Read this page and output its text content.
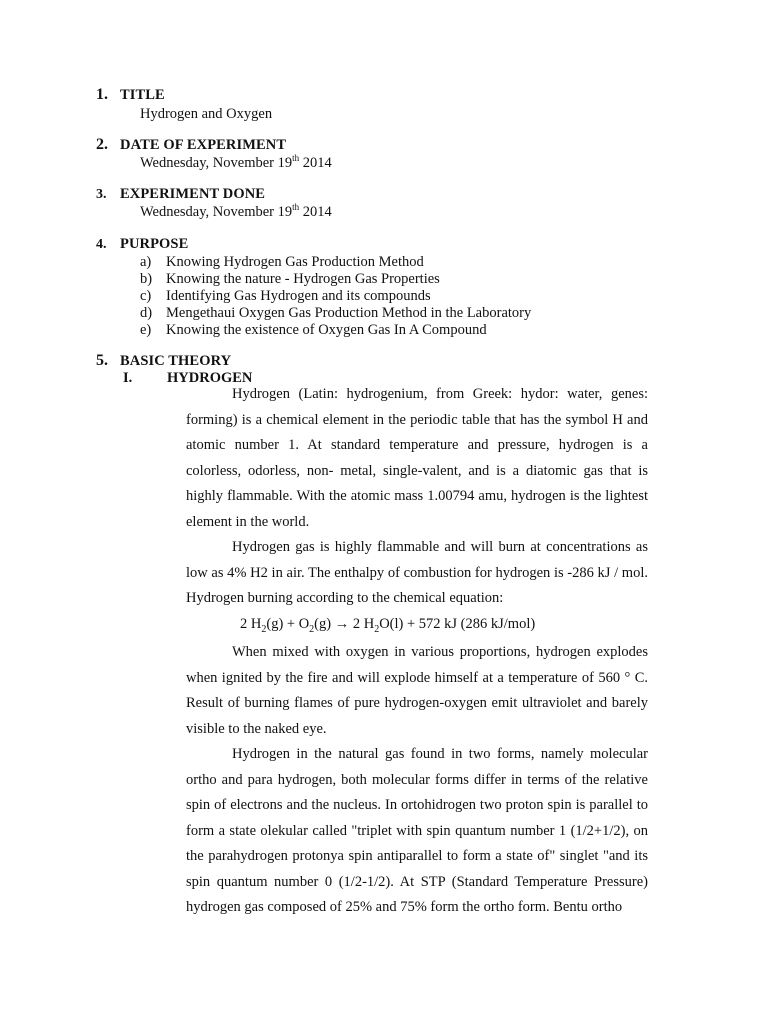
1. TITLE
Hydrogen and Oxygen
2. DATE OF EXPERIMENT
Wednesday, November 19th 2014
3. EXPERIMENT DONE
Wednesday, November 19th 2014
4. PURPOSE
a) Knowing Hydrogen Gas Production Method
b) Knowing the nature - Hydrogen Gas Properties
c) Identifying Gas Hydrogen and its compounds
d) Mengethaui Oxygen Gas Production Method in the Laboratory
e) Knowing the existence of Oxygen Gas In A Compound
5. BASIC THEORY
I. HYDROGEN

Hydrogen (Latin: hydrogenium, from Greek: hydor: water, genes: forming) is a chemical element in the periodic table that has the symbol H and atomic number 1. At standard temperature and pressure, hydrogen is a colorless, odorless, non- metal, single-valent, and is a diatomic gas that is highly flammable. With the atomic mass 1.00794 amu, hydrogen is the lightest element in the world.

Hydrogen gas is highly flammable and will burn at concentrations as low as 4% H2 in air. The enthalpy of combustion for hydrogen is -286 kJ / mol. Hydrogen burning according to the chemical equation:

2 $H_2(g) + O_2(g) \to 2$ $H_2O(l) + 572$ kJ (286 kJ/mol)

When mixed with oxygen in various proportions, hydrogen explodes when ignited by the fire and will explode himself at a temperature of 560 ° C. Result of burning flames of pure hydrogen-oxygen emit ultraviolet and barely visible to the naked eye.

Hydrogen in the natural gas found in two forms, namely molecular ortho and para hydrogen, both molecular forms differ in terms of the relative spin of electrons and the nucleus. In ortohidrogen two proton spin is parallel to form a state olekular called "triplet with spin quantum number 1 (1/2+1/2), on the parahydrogen protonya spin antiparallel to form a state of" singlet "and its spin quantum number 0 (1/2-1/2). At STP (Standard Temperature Pressure) hydrogen gas composed of 25% and 75% form the ortho form. Bentu ortho
